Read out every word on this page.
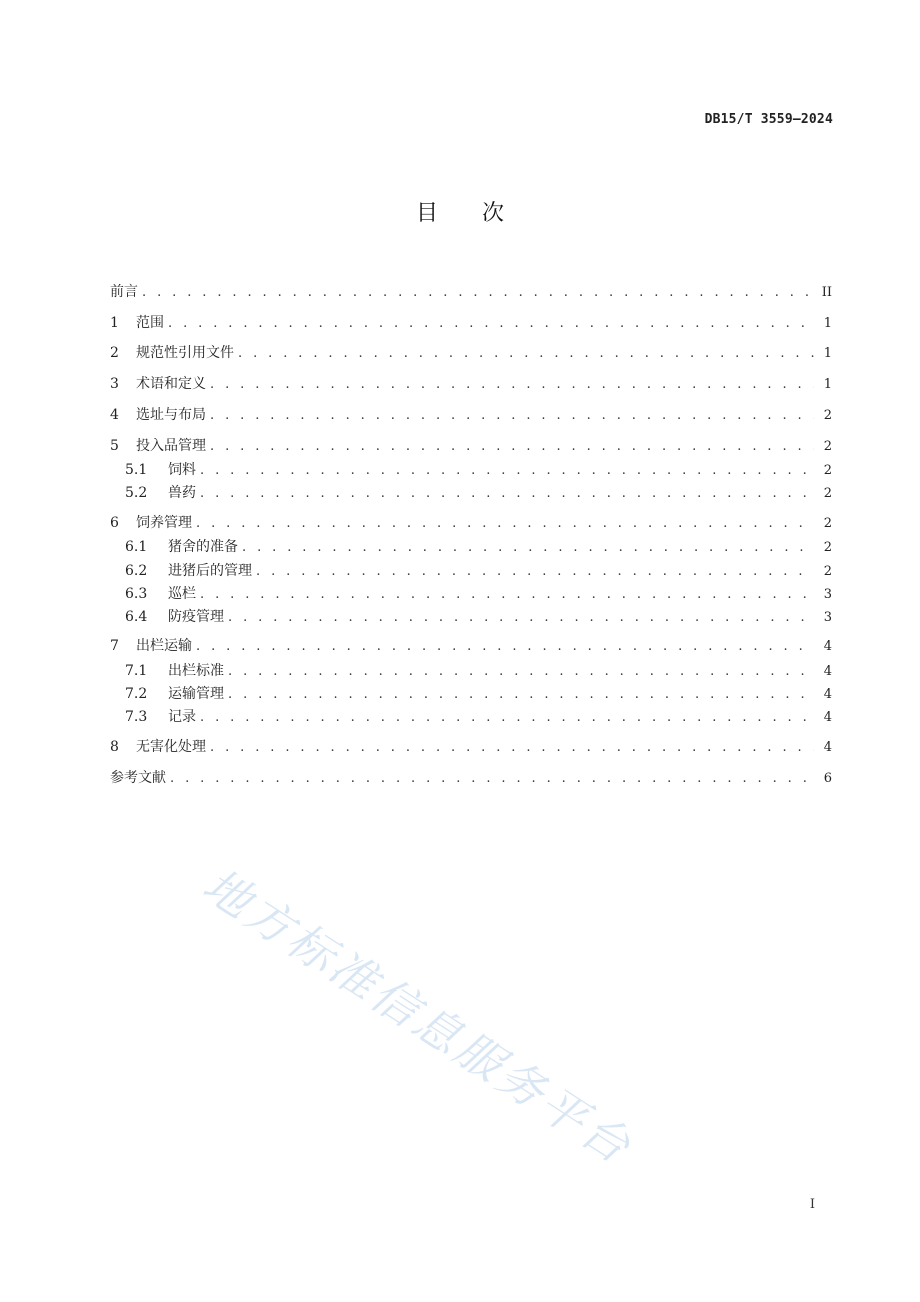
DB15/T 3559—2024
目次
前言 . . .	II
1	范围 . . .	1
2	规范性引用文件 . . .	1
3	术语和定义 . . .	1
4	选址与布局 . . .	2
5	投入品管理 . . .	2
5.1	饲料 . . .	2
5.2	兽药 . . .	2
6	饲养管理 . . .	2
6.1	猪舍的准备 . . .	2
6.2	进猪后的管理 . . .	2
6.3	巡栏 . . .	3
6.4	防疫管理 . . .	3
7	出栏运输 . . .	4
7.1	出栏标准 . . .	4
7.2	运输管理 . . .	4
7.3	记录 . . .	4
8	无害化处理 . . .	4
参考文献 . . .	6
地方标准信息服务平台
I
